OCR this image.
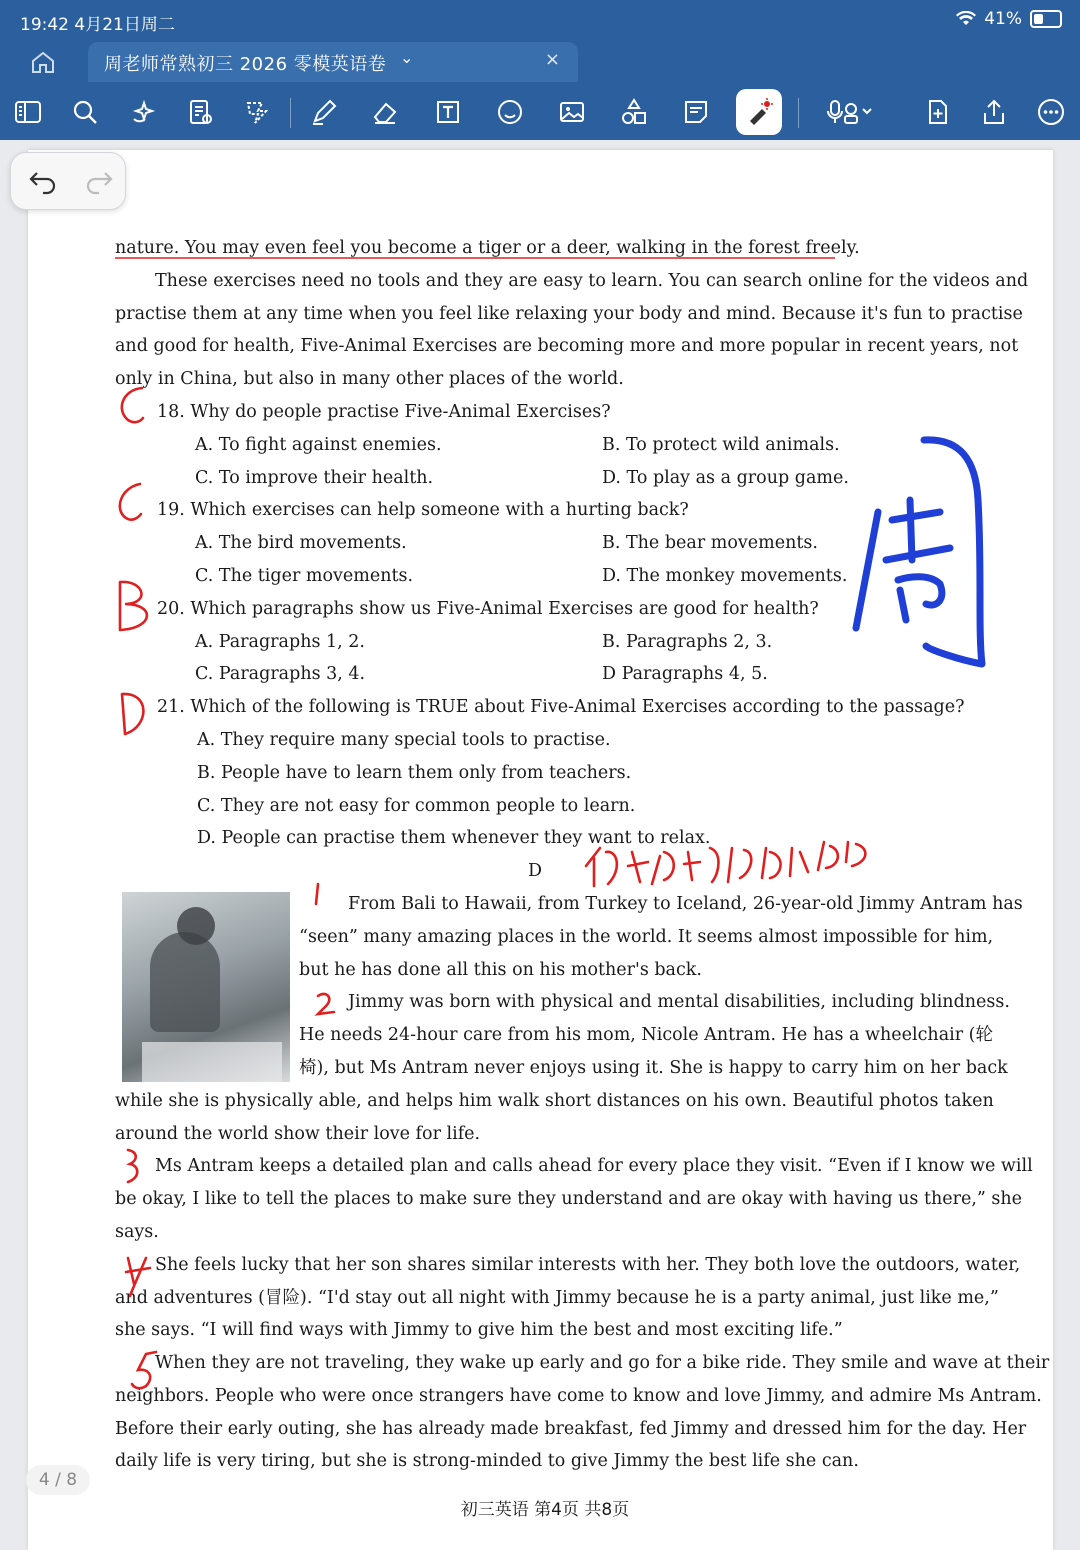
19:42 4月21日周二	41%
周老师常熟初三 2026 零模英语卷 ⌄	×
nature. You may even feel you become a tiger or a deer, walking in the forest freely.
These exercises need no tools and they are easy to learn. You can search online for the videos and
practise them at any time when you feel like relaxing your body and mind. Because it's fun to practise
and good for health, Five-Animal Exercises are becoming more and more popular in recent years, not
only in China, but also in many other places of the world.
18. Why do people practise Five-Animal Exercises?
A. To fight against enemies.	B. To protect wild animals.
C. To improve their health.	D. To play as a group game.
19. Which exercises can help someone with a hurting back?
A. The bird movements.	B. The bear movements.
C. The tiger movements.	D. The monkey movements.
20. Which paragraphs show us Five-Animal Exercises are good for health?
A. Paragraphs 1, 2.	B. Paragraphs 2, 3.
C. Paragraphs 3, 4.	D Paragraphs 4, 5.
21. Which of the following is TRUE about Five-Animal Exercises according to the passage?
A. They require many special tools to practise.
B. People have to learn them only from teachers.
C. They are not easy for common people to learn.
D. People can practise them whenever they want to relax.
D
From Bali to Hawaii, from Turkey to Iceland, 26-year-old Jimmy Antram has
“seen” many amazing places in the world. It seems almost impossible for him,
but he has done all this on his mother's back.
Jimmy was born with physical and mental disabilities, including blindness.
He needs 24-hour care from his mom, Nicole Antram. He has a wheelchair (轮
椅), but Ms Antram never enjoys using it. She is happy to carry him on her back
while she is physically able, and helps him walk short distances on his own. Beautiful photos taken
around the world show their love for life.
Ms Antram keeps a detailed plan and calls ahead for every place they visit. “Even if I know we will
be okay, I like to tell the places to make sure they understand and are okay with having us there,” she
says.
She feels lucky that her son shares similar interests with her. They both love the outdoors, water,
and adventures (冒险). “I'd stay out all night with Jimmy because he is a party animal, just like me,”
she says. “I will find ways with Jimmy to give him the best and most exciting life.”
When they are not traveling, they wake up early and go for a bike ride. They smile and wave at their
neighbors. People who were once strangers have come to know and love Jimmy, and admire Ms Antram.
Before their early outing, she has already made breakfast, fed Jimmy and dressed him for the day. Her
daily life is very tiring, but she is strong-minded to give Jimmy the best life she can.
初三英语 第4页 共8页
4 / 8
